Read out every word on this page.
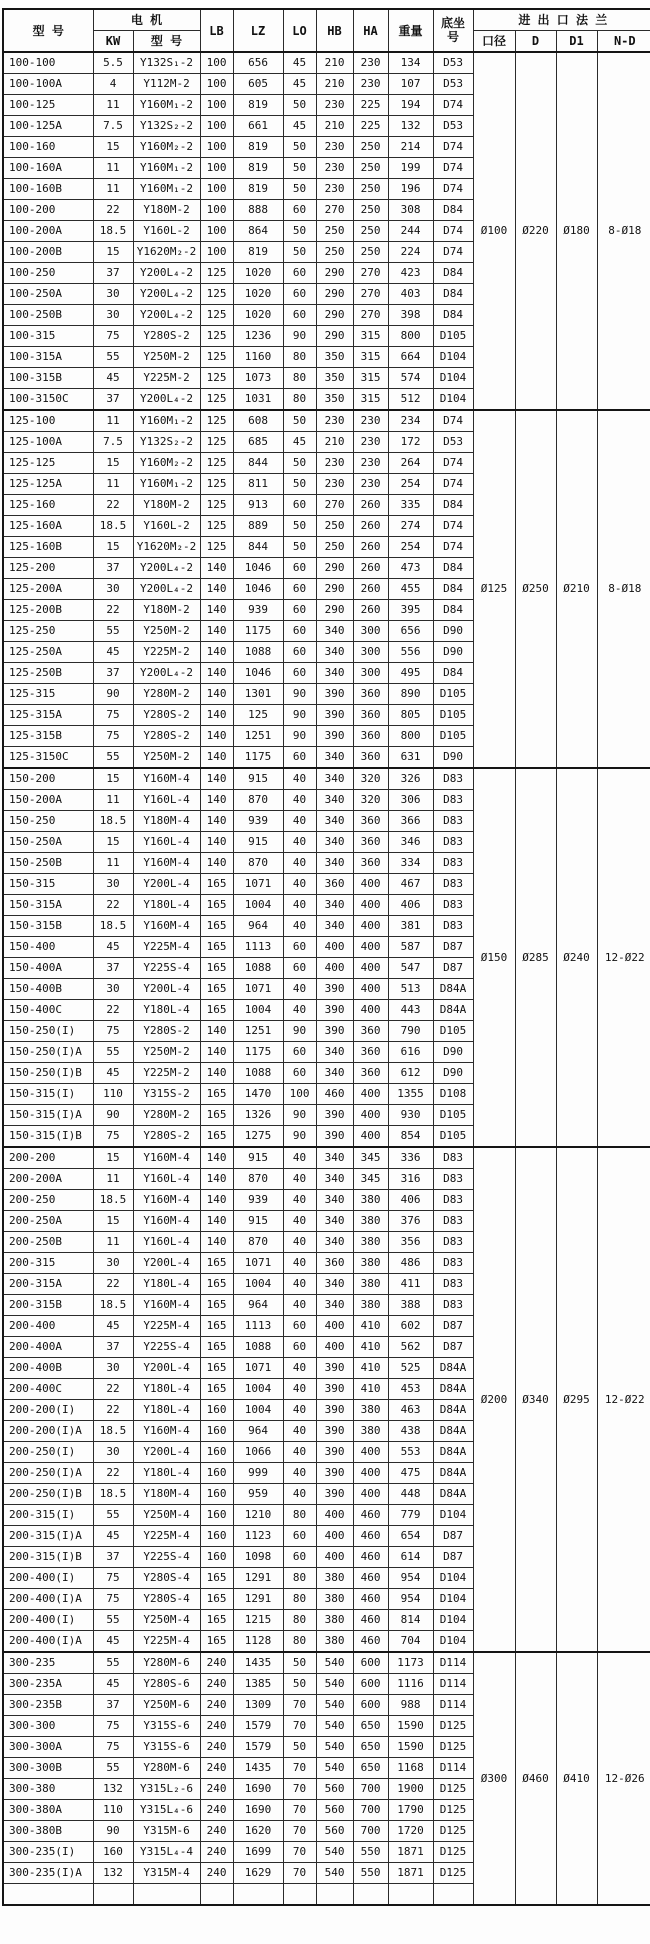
型 号	电 机		LB	LZ	LO	HB	HA	重量	底坐 号	进 出 口 法 兰			
	KW	型 号								口径	D	D1	N-D
100-100	5.5	Y132S₁-2	100	656	45	210	230	134	D53	Ø100	Ø220	Ø180	8-Ø18
100-100A	4	Y112M-2	100	605	45	210	230	107	D53				
100-125	11	Y160M₁-2	100	819	50	230	225	194	D74				
100-125A	7.5	Y132S₂-2	100	661	45	210	225	132	D53				
100-160	15	Y160M₂-2	100	819	50	230	250	214	D74				
100-160A	11	Y160M₁-2	100	819	50	230	250	199	D74				
100-160B	11	Y160M₁-2	100	819	50	230	250	196	D74				
100-200	22	Y180M-2	100	888	60	270	250	308	D84				
100-200A	18.5	Y160L-2	100	864	50	250	250	244	D74				
100-200B	15	Y1620M₂-2	100	819	50	250	250	224	D74				
100-250	37	Y200L₄-2	125	1020	60	290	270	423	D84				
100-250A	30	Y200L₄-2	125	1020	60	290	270	403	D84				
100-250B	30	Y200L₄-2	125	1020	60	290	270	398	D84				
100-315	75	Y280S-2	125	1236	90	290	315	800	D105				
100-315A	55	Y250M-2	125	1160	80	350	315	664	D104				
100-315B	45	Y225M-2	125	1073	80	350	315	574	D104				
100-3150C	37	Y200L₄-2	125	1031	80	350	315	512	D104				
125-100	11	Y160M₁-2	125	608	50	230	230	234	D74	Ø125	Ø250	Ø210	8-Ø18
125-100A	7.5	Y132S₂-2	125	685	45	210	230	172	D53				
125-125	15	Y160M₂-2	125	844	50	230	230	264	D74				
125-125A	11	Y160M₁-2	125	811	50	230	230	254	D74				
125-160	22	Y180M-2	125	913	60	270	260	335	D84				
125-160A	18.5	Y160L-2	125	889	50	250	260	274	D74				
125-160B	15	Y1620M₂-2	125	844	50	250	260	254	D74				
125-200	37	Y200L₄-2	140	1046	60	290	260	473	D84				
125-200A	30	Y200L₄-2	140	1046	60	290	260	455	D84				
125-200B	22	Y180M-2	140	939	60	290	260	395	D84				
125-250	55	Y250M-2	140	1175	60	340	300	656	D90				
125-250A	45	Y225M-2	140	1088	60	340	300	556	D90				
125-250B	37	Y200L₄-2	140	1046	60	340	300	495	D84				
125-315	90	Y280M-2	140	1301	90	390	360	890	D105				
125-315A	75	Y280S-2	140	125	90	390	360	805	D105				
125-315B	75	Y280S-2	140	1251	90	390	360	800	D105				
125-3150C	55	Y250M-2	140	1175	60	340	360	631	D90				
150-200	15	Y160M-4	140	915	40	340	320	326	D83	Ø150	Ø285	Ø240	12-Ø22
150-200A	11	Y160L-4	140	870	40	340	320	306	D83				
150-250	18.5	Y180M-4	140	939	40	340	360	366	D83				
150-250A	15	Y160L-4	140	915	40	340	360	346	D83				
150-250B	11	Y160M-4	140	870	40	340	360	334	D83				
150-315	30	Y200L-4	165	1071	40	360	400	467	D83				
150-315A	22	Y180L-4	165	1004	40	340	400	406	D83				
150-315B	18.5	Y160M-4	165	964	40	340	400	381	D83				
150-400	45	Y225M-4	165	1113	60	400	400	587	D87				
150-400A	37	Y225S-4	165	1088	60	400	400	547	D87				
150-400B	30	Y200L-4	165	1071	40	390	400	513	D84A				
150-400C	22	Y180L-4	165	1004	40	390	400	443	D84A				
150-250(I)	75	Y280S-2	140	1251	90	390	360	790	D105				
150-250(I)A	55	Y250M-2	140	1175	60	340	360	616	D90				
150-250(I)B	45	Y225M-2	140	1088	60	340	360	612	D90				
150-315(I)	110	Y315S-2	165	1470	100	460	400	1355	D108				
150-315(I)A	90	Y280M-2	165	1326	90	390	400	930	D105				
150-315(I)B	75	Y280S-2	165	1275	90	390	400	854	D105				
200-200	15	Y160M-4	140	915	40	340	345	336	D83	Ø200	Ø340	Ø295	12-Ø22
200-200A	11	Y160L-4	140	870	40	340	345	316	D83				
200-250	18.5	Y160M-4	140	939	40	340	380	406	D83				
200-250A	15	Y160M-4	140	915	40	340	380	376	D83				
200-250B	11	Y160L-4	140	870	40	340	380	356	D83				
200-315	30	Y200L-4	165	1071	40	360	380	486	D83				
200-315A	22	Y180L-4	165	1004	40	340	380	411	D83				
200-315B	18.5	Y160M-4	165	964	40	340	380	388	D83				
200-400	45	Y225M-4	165	1113	60	400	410	602	D87				
200-400A	37	Y225S-4	165	1088	60	400	410	562	D87				
200-400B	30	Y200L-4	165	1071	40	390	410	525	D84A				
200-400C	22	Y180L-4	165	1004	40	390	410	453	D84A				
200-200(I)	22	Y180L-4	160	1004	40	390	380	463	D84A				
200-200(I)A	18.5	Y160M-4	160	964	40	390	380	438	D84A				
200-250(I)	30	Y200L-4	160	1066	40	390	400	553	D84A				
200-250(I)A	22	Y180L-4	160	999	40	390	400	475	D84A				
200-250(I)B	18.5	Y180M-4	160	959	40	390	400	448	D84A				
200-315(I)	55	Y250M-4	160	1210	80	400	460	779	D104				
200-315(I)A	45	Y225M-4	160	1123	60	400	460	654	D87				
200-315(I)B	37	Y225S-4	160	1098	60	400	460	614	D87				
200-400(I)	75	Y280S-4	165	1291	80	380	460	954	D104				
200-400(I)A	75	Y280S-4	165	1291	80	380	460	954	D104				
200-400(I)	55	Y250M-4	165	1215	80	380	460	814	D104				
200-400(I)A	45	Y225M-4	165	1128	80	380	460	704	D104				
300-235	55	Y280M-6	240	1435	50	540	600	1173	D114	Ø300	Ø460	Ø410	12-Ø26
300-235A	45	Y280S-6	240	1385	50	540	600	1116	D114				
300-235B	37	Y250M-6	240	1309	70	540	600	988	D114				
300-300	75	Y315S-6	240	1579	70	540	650	1590	D125				
300-300A	75	Y315S-6	240	1579	50	540	650	1590	D125				
300-300B	55	Y280M-6	240	1435	70	540	650	1168	D114				
300-380	132	Y315L₂-6	240	1690	70	560	700	1900	D125				
300-380A	110	Y315L₄-6	240	1690	70	560	700	1790	D125				
300-380B	90	Y315M-6	240	1620	70	560	700	1720	D125				
300-235(I)	160	Y315L₄-4	240	1699	70	540	550	1871	D125				
300-235(I)A	132	Y315M-4	240	1629	70	540	550	1871	D125				
